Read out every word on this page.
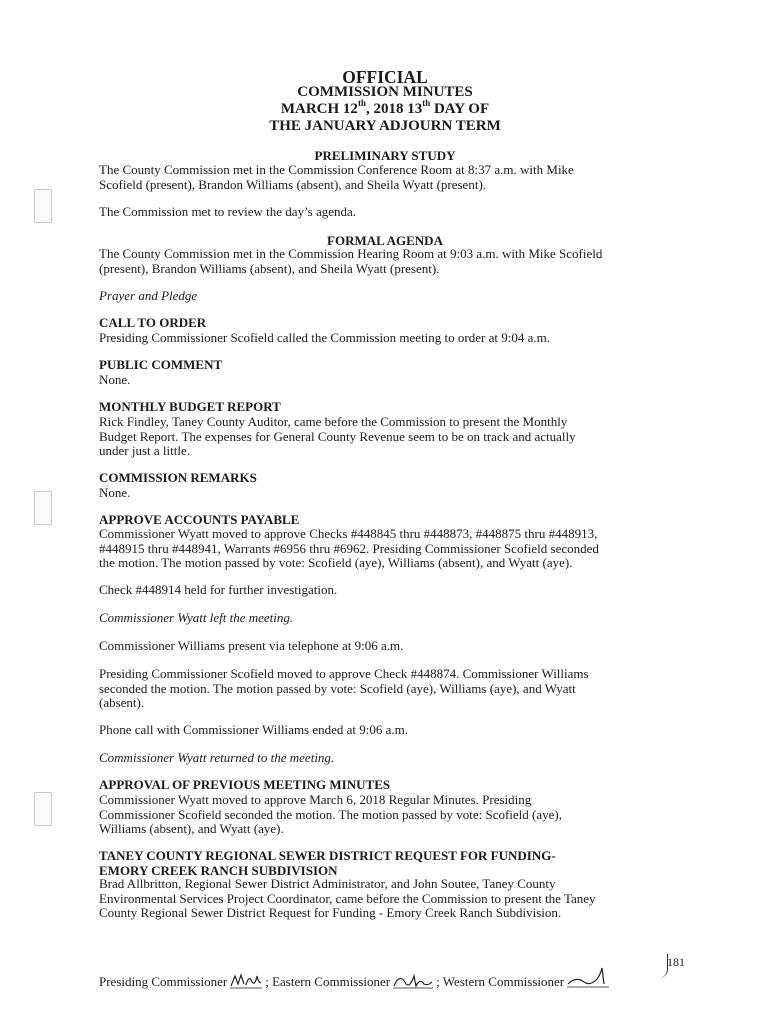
OFFICIAL
COMMISSION MINUTES
MARCH 12th, 2018 13th DAY OF
THE JANUARY ADJOURN TERM
PRELIMINARY STUDY
The County Commission met in the Commission Conference Room at 8:37 a.m. with Mike
Scofield (present), Brandon Williams (absent), and Sheila Wyatt (present).
The Commission met to review the day’s agenda.
FORMAL AGENDA
The County Commission met in the Commission Hearing Room at 9:03 a.m. with Mike Scofield
(present), Brandon Williams (absent), and Sheila Wyatt (present).
Prayer and Pledge
CALL TO ORDER
Presiding Commissioner Scofield called the Commission meeting to order at 9:04 a.m.
PUBLIC COMMENT
None.
MONTHLY BUDGET REPORT
Rick Findley, Taney County Auditor, came before the Commission to present the Monthly
Budget Report. The expenses for General County Revenue seem to be on track and actually
under just a little.
COMMISSION REMARKS
None.
APPROVE ACCOUNTS PAYABLE
Commissioner Wyatt moved to approve Checks #448845 thru #448873, #448875 thru #448913,
#448915 thru #448941, Warrants #6956 thru #6962. Presiding Commissioner Scofield seconded
the motion. The motion passed by vote: Scofield (aye), Williams (absent), and Wyatt (aye).
Check #448914 held for further investigation.
Commissioner Wyatt left the meeting.
Commissioner Williams present via telephone at 9:06 a.m.
Presiding Commissioner Scofield moved to approve Check #448874. Commissioner Williams
seconded the motion. The motion passed by vote: Scofield (aye), Williams (aye), and Wyatt
(absent).
Phone call with Commissioner Williams ended at 9:06 a.m.
Commissioner Wyatt returned to the meeting.
APPROVAL OF PREVIOUS MEETING MINUTES
Commissioner Wyatt moved to approve March 6, 2018 Regular Minutes. Presiding
Commissioner Scofield seconded the motion. The motion passed by vote: Scofield (aye),
Williams (absent), and Wyatt (aye).
TANEY COUNTY REGIONAL SEWER DISTRICT REQUEST FOR FUNDING-
EMORY CREEK RANCH SUBDIVISION
Brad Allbritton, Regional Sewer District Administrator, and John Soutee, Taney County
Environmental Services Project Coordinator, came before the Commission to present the Taney
County Regional Sewer District Request for Funding - Emory Creek Ranch Subdivision.
Presiding Commissioner	; Eastern Commissioner	; Western Commissioner
181
